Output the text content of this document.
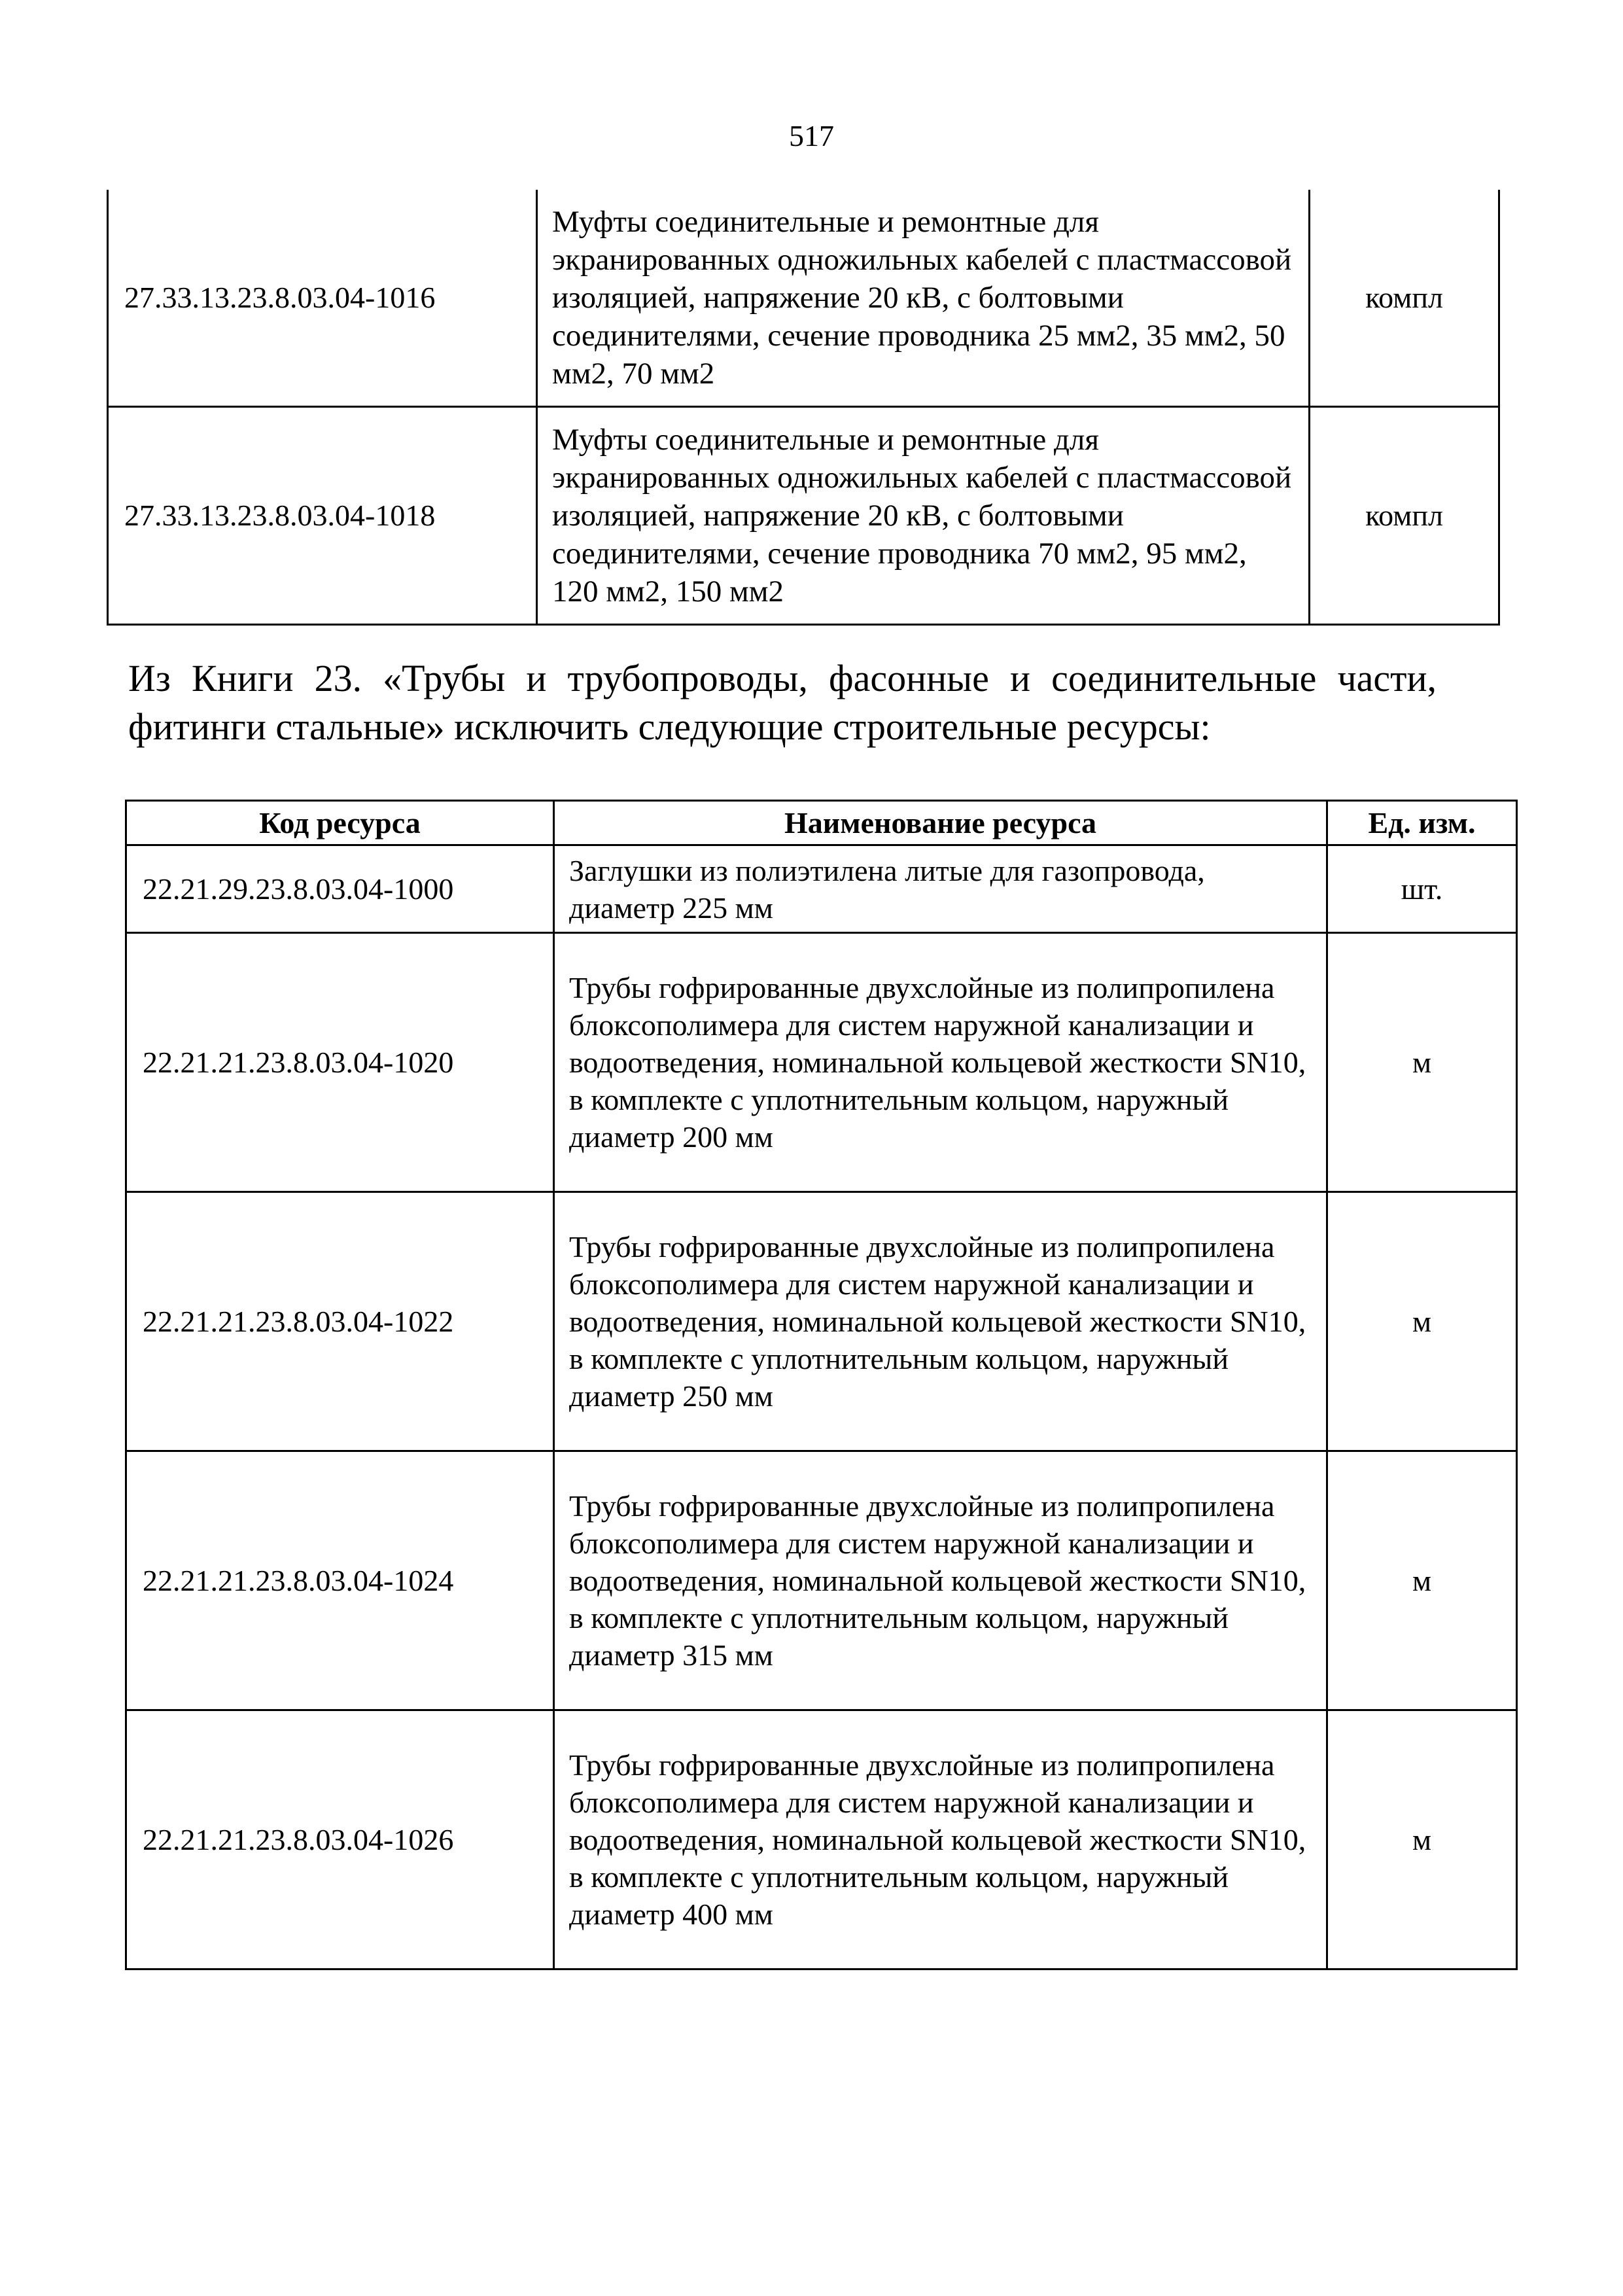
517
27.33.13.23.8.03.04-1016	Муфты соединительные и ремонтные для экранированных одножильных кабелей с пластмассовой изоляцией, напряжение 20 кВ, с болтовыми соединителями, сечение проводника 25 мм2, 35 мм2, 50 мм2, 70 мм2	компл
27.33.13.23.8.03.04-1018	Муфты соединительные и ремонтные для экранированных одножильных кабелей с пластмассовой изоляцией, напряжение 20 кВ, с болтовыми соединителями, сечение проводника 70 мм2, 95 мм2, 120 мм2, 150 мм2	компл
Из Книги 23. «Трубы и трубопроводы, фасонные и соединительные части,
фитинги стальные» исключить следующие строительные ресурсы:
Код ресурса	Наименование ресурса	Ед. изм.
22.21.29.23.8.03.04-1000	Заглушки из полиэтилена литые для газопровода, диаметр 225 мм	шт.
22.21.21.23.8.03.04-1020	Трубы гофрированные двухслойные из полипропилена блоксополимера для систем наружной канализации и водоотведения, номинальной кольцевой жесткости SN10, в комплекте с уплотнительным кольцом, наружный диаметр 200 мм	м
22.21.21.23.8.03.04-1022	Трубы гофрированные двухслойные из полипропилена блоксополимера для систем наружной канализации и водоотведения, номинальной кольцевой жесткости SN10, в комплекте с уплотнительным кольцом, наружный диаметр 250 мм	м
22.21.21.23.8.03.04-1024	Трубы гофрированные двухслойные из полипропилена блоксополимера для систем наружной канализации и водоотведения, номинальной кольцевой жесткости SN10, в комплекте с уплотнительным кольцом, наружный диаметр 315 мм	м
22.21.21.23.8.03.04-1026	Трубы гофрированные двухслойные из полипропилена блоксополимера для систем наружной канализации и водоотведения, номинальной кольцевой жесткости SN10, в комплекте с уплотнительным кольцом, наружный диаметр 400 мм	м
